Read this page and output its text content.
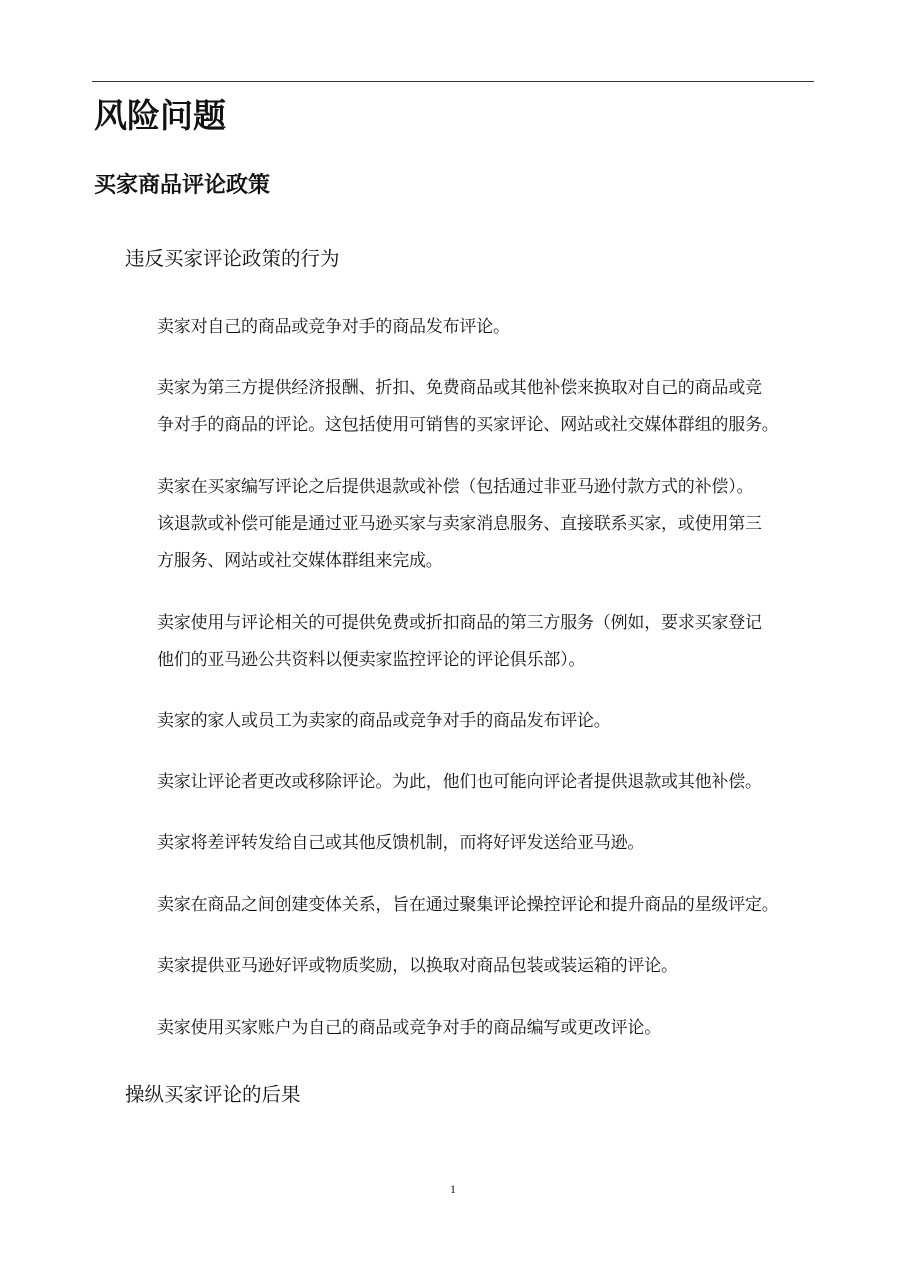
风险问题
买家商品评论政策
违反买家评论政策的行为
卖家对自己的商品或竞争对手的商品发布评论。
卖家为第三方提供经济报酬、折扣、免费商品或其他补偿来换取对自己的商品或竞
争对手的商品的评论。这包括使用可销售的买家评论、网站或社交媒体群组的服务。
卖家在买家编写评论之后提供退款或补偿（包括通过非亚马逊付款方式的补偿）。
该退款或补偿可能是通过亚马逊买家与卖家消息服务、直接联系买家，或使用第三
方服务、网站或社交媒体群组来完成。
卖家使用与评论相关的可提供免费或折扣商品的第三方服务（例如，要求买家登记
他们的亚马逊公共资料以便卖家监控评论的评论俱乐部）。
卖家的家人或员工为卖家的商品或竞争对手的商品发布评论。
卖家让评论者更改或移除评论。为此，他们也可能向评论者提供退款或其他补偿。
卖家将差评转发给自己或其他反馈机制，而将好评发送给亚马逊。
卖家在商品之间创建变体关系，旨在通过聚集评论操控评论和提升商品的星级评定。
卖家提供亚马逊好评或物质奖励，以换取对商品包装或装运箱的评论。
卖家使用买家账户为自己的商品或竞争对手的商品编写或更改评论。
操纵买家评论的后果
1
